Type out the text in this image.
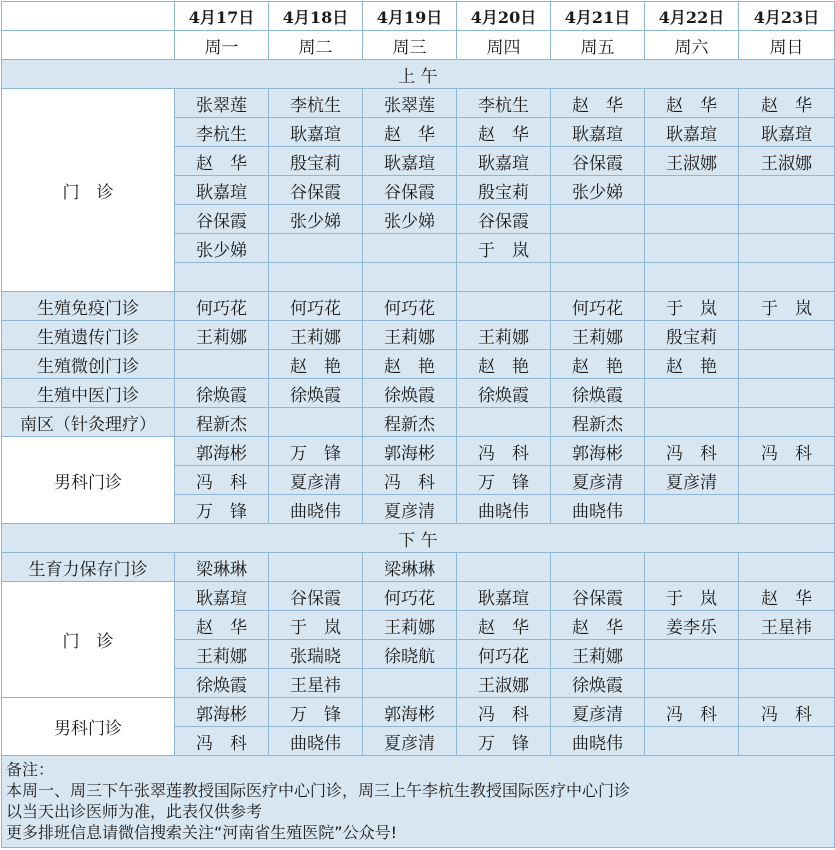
	4月17日	4月18日	4月19日	4月20日	4月21日	4月22日	4月23日
	周一	周二	周三	周四	周五	周六	周日
上 午							
门　诊	张翠莲	李杭生	张翠莲	李杭生	赵　华	赵　华	赵　华
	李杭生	耿嘉瑄	赵　华	赵　华	耿嘉瑄	耿嘉瑄	耿嘉瑄
	赵　华	殷宝莉	耿嘉瑄	耿嘉瑄	谷保霞	王淑娜	王淑娜
	耿嘉瑄	谷保霞	谷保霞	殷宝莉	张少娣		
	谷保霞	张少娣	张少娣	谷保霞			
	张少娣			于　岚			

生殖免疫门诊	何巧花	何巧花	何巧花		何巧花	于　岚	于　岚
生殖遗传门诊	王莉娜	王莉娜	王莉娜	王莉娜	王莉娜	殷宝莉	
生殖微创门诊		赵　艳	赵　艳	赵　艳	赵　艳	赵　艳	
生殖中医门诊	徐焕霞	徐焕霞	徐焕霞	徐焕霞	徐焕霞		
南区（针灸理疗）	程新杰		程新杰		程新杰		
男科门诊	郭海彬	万　锋	郭海彬	冯　科	郭海彬	冯　科	冯　科
	冯　科	夏彦清	冯　科	万　锋	夏彦清	夏彦清	
	万　锋	曲晓伟	夏彦清	曲晓伟	曲晓伟		
下 午							
生育力保存门诊	梁琳琳		梁琳琳				
门　诊	耿嘉瑄	谷保霞	何巧花	耿嘉瑄	谷保霞	于　岚	赵　华
	赵　华	于　岚	王莉娜	赵　华	赵　华	姜李乐	王星祎
	王莉娜	张瑞晓	徐晓航	何巧花	王莉娜		
	徐焕霞	王星祎		王淑娜	徐焕霞		
男科门诊	郭海彬	万　锋	郭海彬	冯　科	夏彦清	冯　科	冯　科
	冯　科	曲晓伟	夏彦清	万　锋	曲晓伟		

备注：
本周一、周三下午张翠莲教授国际医疗中心门诊，周三上午李杭生教授国际医疗中心门诊
以当天出诊医师为准，此表仅供参考
更多排班信息请微信搜索关注“河南省生殖医院”公众号!							
